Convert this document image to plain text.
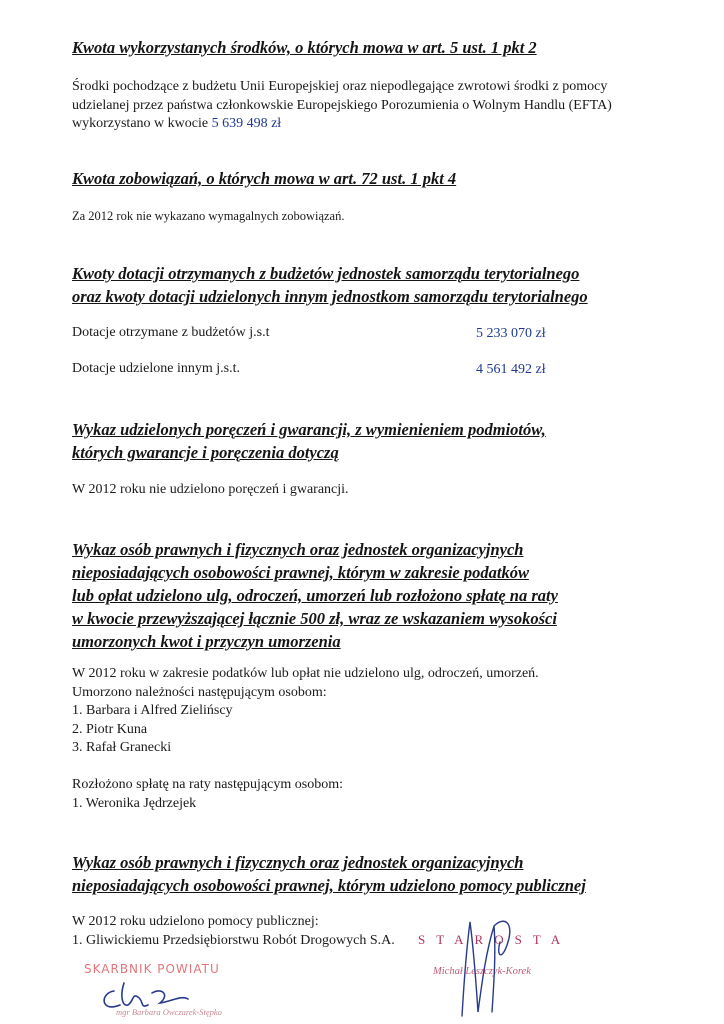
Kwota wykorzystanych środków, o których mowa w art. 5 ust. 1 pkt 2
Środki pochodzące z budżetu Unii Europejskiej oraz niepodlegające zwrotowi środki z pomocy
udzielanej przez państwa członkowskie Europejskiego Porozumienia o Wolnym Handlu (EFTA)
wykorzystano w kwocie 5 639 498 zł
Kwota zobowiązań, o których mowa w art. 72 ust. 1 pkt 4
Za 2012 rok nie wykazano wymagalnych zobowiązań.
Kwoty dotacji otrzymanych z budżetów jednostek samorządu terytorialnego
oraz kwoty dotacji udzielonych innym jednostkom samorządu terytorialnego
Dotacje otrzymane z budżetów j.s.t	5 233 070 zł
Dotacje udzielone innym j.s.t.	4 561 492 zł
Wykaz udzielonych poręczeń i gwarancji, z wymienieniem podmiotów,
których gwarancje i poręczenia dotyczą
W 2012 roku nie udzielono poręczeń i gwarancji.
Wykaz osób prawnych i fizycznych oraz jednostek organizacyjnych
nieposiadających osobowości prawnej, którym w zakresie podatków
lub opłat udzielono ulg, odroczeń, umorzeń lub rozłożono spłatę na raty
w kwocie przewyższającej łącznie 500 zł, wraz ze wskazaniem wysokości
umorzonych kwot i przyczyn umorzenia
W 2012 roku w zakresie podatków lub opłat nie udzielono ulg, odroczeń, umorzeń.
Umorzono należności następującym osobom:
1. Barbara i Alfred Zielińscy
2. Piotr Kuna
3. Rafał Granecki
Rozłożono spłatę na raty następującym osobom:
1. Weronika Jędrzejek
Wykaz osób prawnych i fizycznych oraz jednostek organizacyjnych
nieposiadających osobowości prawnej, którym udzielono pomocy publicznej
W 2012 roku udzielono pomocy publicznej:
1. Gliwickiemu Przedsiębiorstwu Robót Drogowych S.A.
SKARBNIK POWIATU
mgr Barbara Owczarek-Stępko
STAROSTA
Michał Leszczyk-Korek
